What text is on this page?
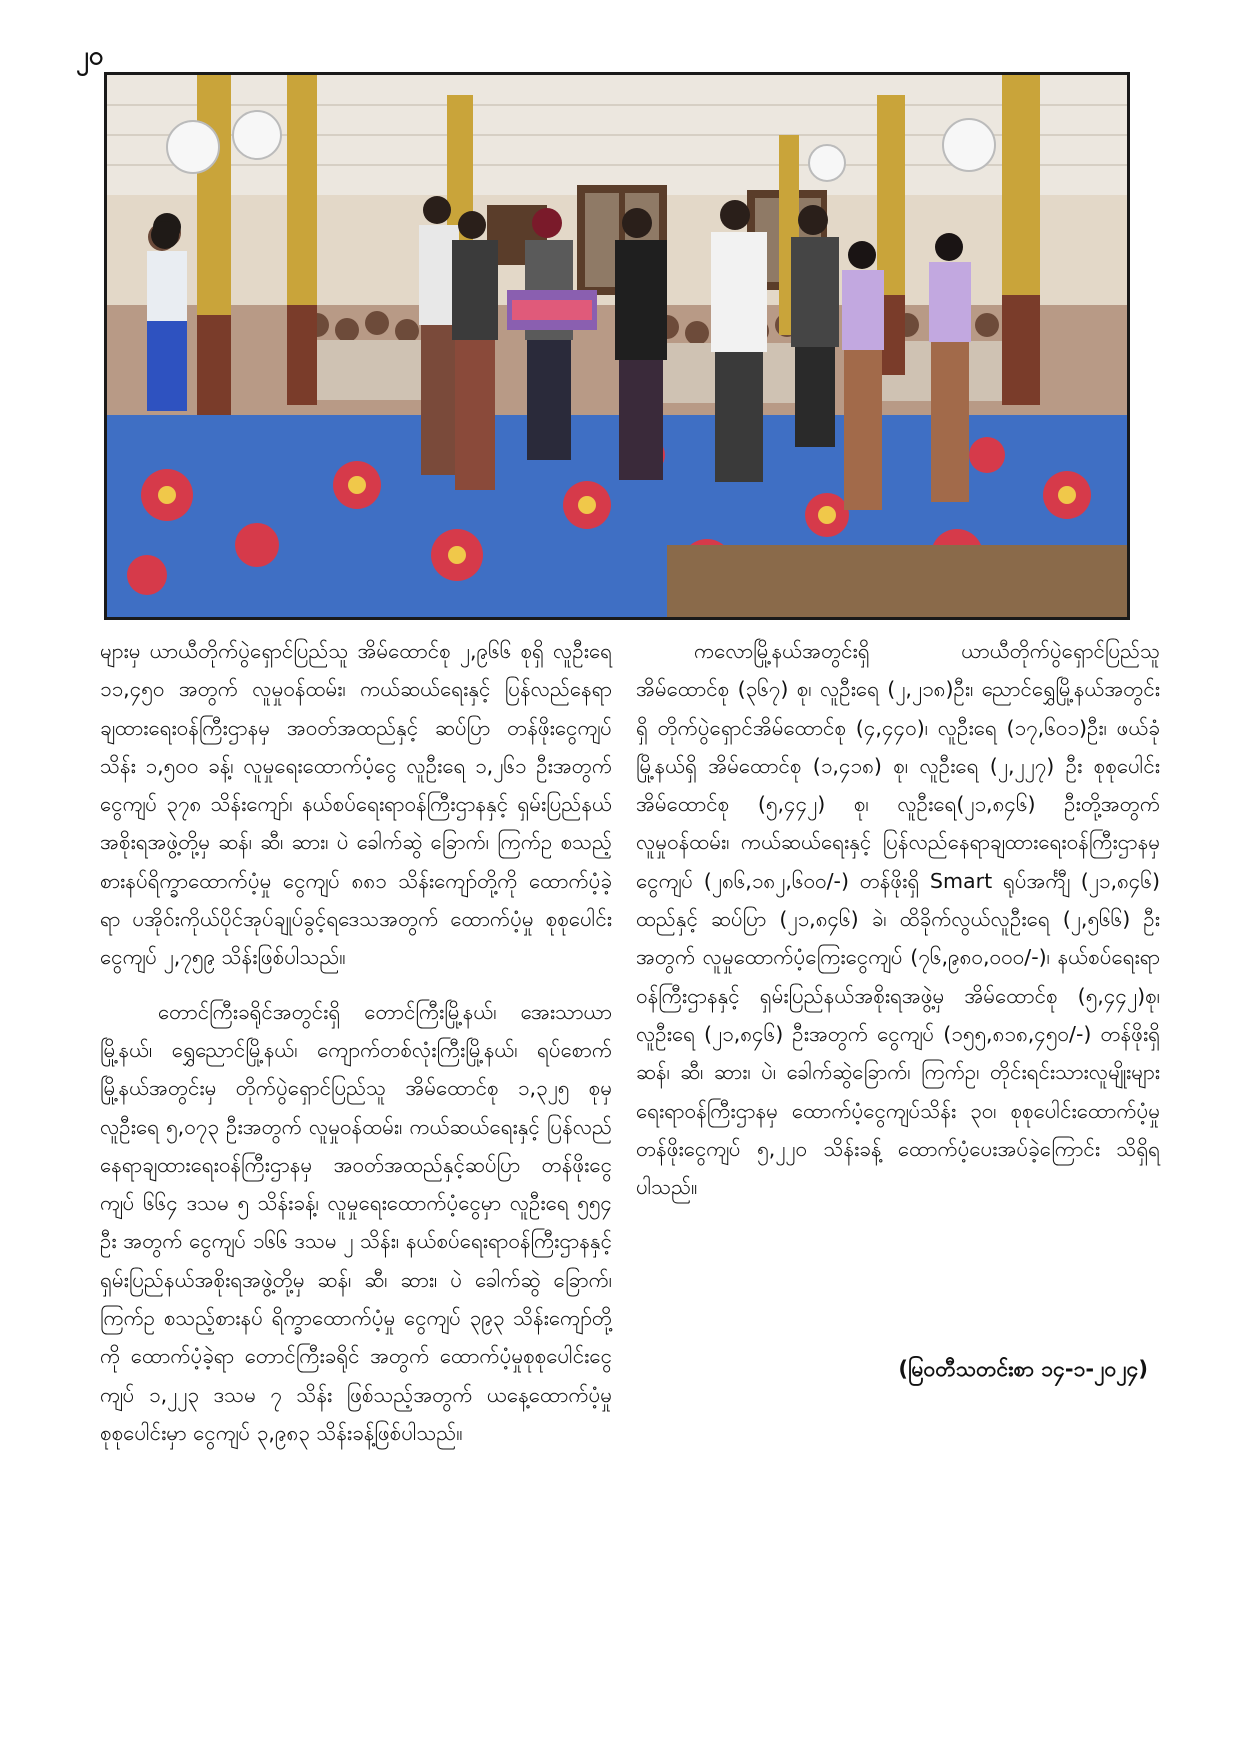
၂၀

များမှ ယာယီတိုက်ပွဲရှောင်ပြည်သူ အိမ်ထောင်စု ၂,၉၆၆ စုရှိ လူဦးရေ ၁၁,၄၅၀ အတွက် လူမှုဝန်ထမ်း၊ ကယ်ဆယ်ရေးနှင့် ပြန်လည်နေရာချထားရေးဝန်ကြီးဌာနမှ အဝတ်အထည်နှင့် ဆပ်ပြာ တန်ဖိုးငွေကျပ်သိန်း ၁,၅၀၀ ခန့်၊ လူမှုရေးထောက်ပံ့ငွေ လူဦးရေ ၁,၂၆၁ ဦးအတွက် ငွေကျပ် ၃၇၈ သိန်းကျော်၊ နယ်စပ်ရေးရာဝန်ကြီးဌာနနှင့် ရှမ်းပြည်နယ်အစိုးရအဖွဲ့တို့မှ ဆန်၊ ဆီ၊ ဆား၊ ပဲ ခေါက်ဆွဲ ခြောက်၊ ကြက်ဥ စသည့် စားနပ်ရိက္ခာထောက်ပံ့မှု ငွေကျပ် ၈၈၁ သိန်းကျော်တို့ကို ထောက်ပံ့ခဲ့ရာ ပအိုဝ်းကိုယ်ပိုင်အုပ်ချုပ်ခွင့်ရဒေသအတွက် ထောက်ပံ့မှု စုစုပေါင်း ငွေကျပ် ၂,၇၅၉ သိန်းဖြစ်ပါသည်။

တောင်ကြီးခရိုင်အတွင်းရှိ တောင်ကြီးမြို့နယ်၊ အေးသာယာမြို့နယ်၊ ရွှေညောင်မြို့နယ်၊ ကျောက်တစ်လုံးကြီးမြို့နယ်၊ ရပ်စောက်မြို့နယ်အတွင်းမှ တိုက်ပွဲရှောင်ပြည်သူ အိမ်ထောင်စု ၁,၃၂၅ စုမှ လူဦးရေ ၅,၀၇၃ ဦးအတွက် လူမှုဝန်ထမ်း၊ ကယ်ဆယ်ရေးနှင့် ပြန်လည်နေရာချထားရေးဝန်ကြီးဌာနမှ အဝတ်အထည်နှင့်ဆပ်ပြာ တန်ဖိုးငွေကျပ် ၆၆၄ ဒသမ ၅ သိန်းခန့်၊ လူမှုရေးထောက်ပံ့ငွေမှာ လူဦးရေ ၅၅၄ ဦး အတွက် ငွေကျပ် ၁၆၆ ဒသမ ၂ သိန်း၊ နယ်စပ်ရေးရာဝန်ကြီးဌာနနှင့် ရှမ်းပြည်နယ်အစိုးရအဖွဲ့တို့မှ ဆန်၊ ဆီ၊ ဆား၊ ပဲ ခေါက်ဆွဲ ခြောက်၊ ကြက်ဥ စသည့်စားနပ် ရိက္ခာထောက်ပံ့မှု ငွေကျပ် ၃၉၃ သိန်းကျော်တို့ကို ထောက်ပံ့ခဲ့ရာ တောင်ကြီးခရိုင် အတွက် ထောက်ပံ့မှုစုစုပေါင်းငွေကျပ် ၁,၂၂၃ ဒသမ ၇ သိန်း ဖြစ်သည့်အတွက် ယနေ့ထောက်ပံ့မှုစုစုပေါင်းမှာ ငွေကျပ် ၃,၉၈၃ သိန်းခန့်ဖြစ်ပါသည်။

ကလောမြို့နယ်အတွင်းရှိ ယာယီတိုက်ပွဲရှောင်ပြည်သူ အိမ်ထောင်စု (၃၆၇) စု၊ လူဦးရေ (၂,၂၁၈)ဦး၊ ညောင်ရွှေမြို့နယ်အတွင်းရှိ တိုက်ပွဲရှောင်အိမ်ထောင်စု (၄,၄၄၀)၊ လူဦးရေ (၁၇,၆၀၁)ဦး၊ ဖယ်ခုံမြို့နယ်ရှိ အိမ်ထောင်စု (၁,၄၁၈) စု၊ လူဦးရေ (၂,၂၂၇) ဦး စုစုပေါင်းအိမ်ထောင်စု (၅,၄၄၂) စု၊ လူဦးရေ(၂၁,၈၄၆) ဦးတို့အတွက် လူမှုဝန်ထမ်း၊ ကယ်ဆယ်ရေးနှင့် ပြန်လည်နေရာချထားရေးဝန်ကြီးဌာနမှ ငွေကျပ် (၂၈၆,၁၈၂,၆၀၀/-) တန်ဖိုးရှိ Smart ရုပ်အင်္ကျီ (၂၁,၈၄၆) ထည်နှင့် ဆပ်ပြာ (၂၁,၈၄၆) ခဲ၊ ထိခိုက်လွယ်လူဦးရေ (၂,၅၆၆) ဦးအတွက် လူမှုထောက်ပံ့ကြေးငွေကျပ် (၇၆,၉၈၀,၀၀၀/-)၊ နယ်စပ်ရေးရာဝန်ကြီးဌာနနှင့် ရှမ်းပြည်နယ်အစိုးရအဖွဲ့မှ အိမ်ထောင်စု (၅,၄၄၂)စု၊ လူဦးရေ (၂၁,၈၄၆) ဦးအတွက် ငွေကျပ် (၁၅၅,၈၁၈,၄၅၀/-) တန်ဖိုးရှိ ဆန်၊ ဆီ၊ ဆား၊ ပဲ၊ ခေါက်ဆွဲခြောက်၊ ကြက်ဥ၊ တိုင်းရင်းသားလူမျိုးများရေးရာဝန်ကြီးဌာနမှ ထောက်ပံ့ငွေကျပ်သိန်း ၃၀၊ စုစုပေါင်းထောက်ပံ့မှုတန်ဖိုးငွေကျပ် ၅,၂၂၀ သိန်းခန့် ထောက်ပံ့ပေးအပ်ခဲ့ကြောင်း သိရှိရပါသည်။

(မြဝတီသတင်းစာ ၁၄-၁-၂၀၂၄)
